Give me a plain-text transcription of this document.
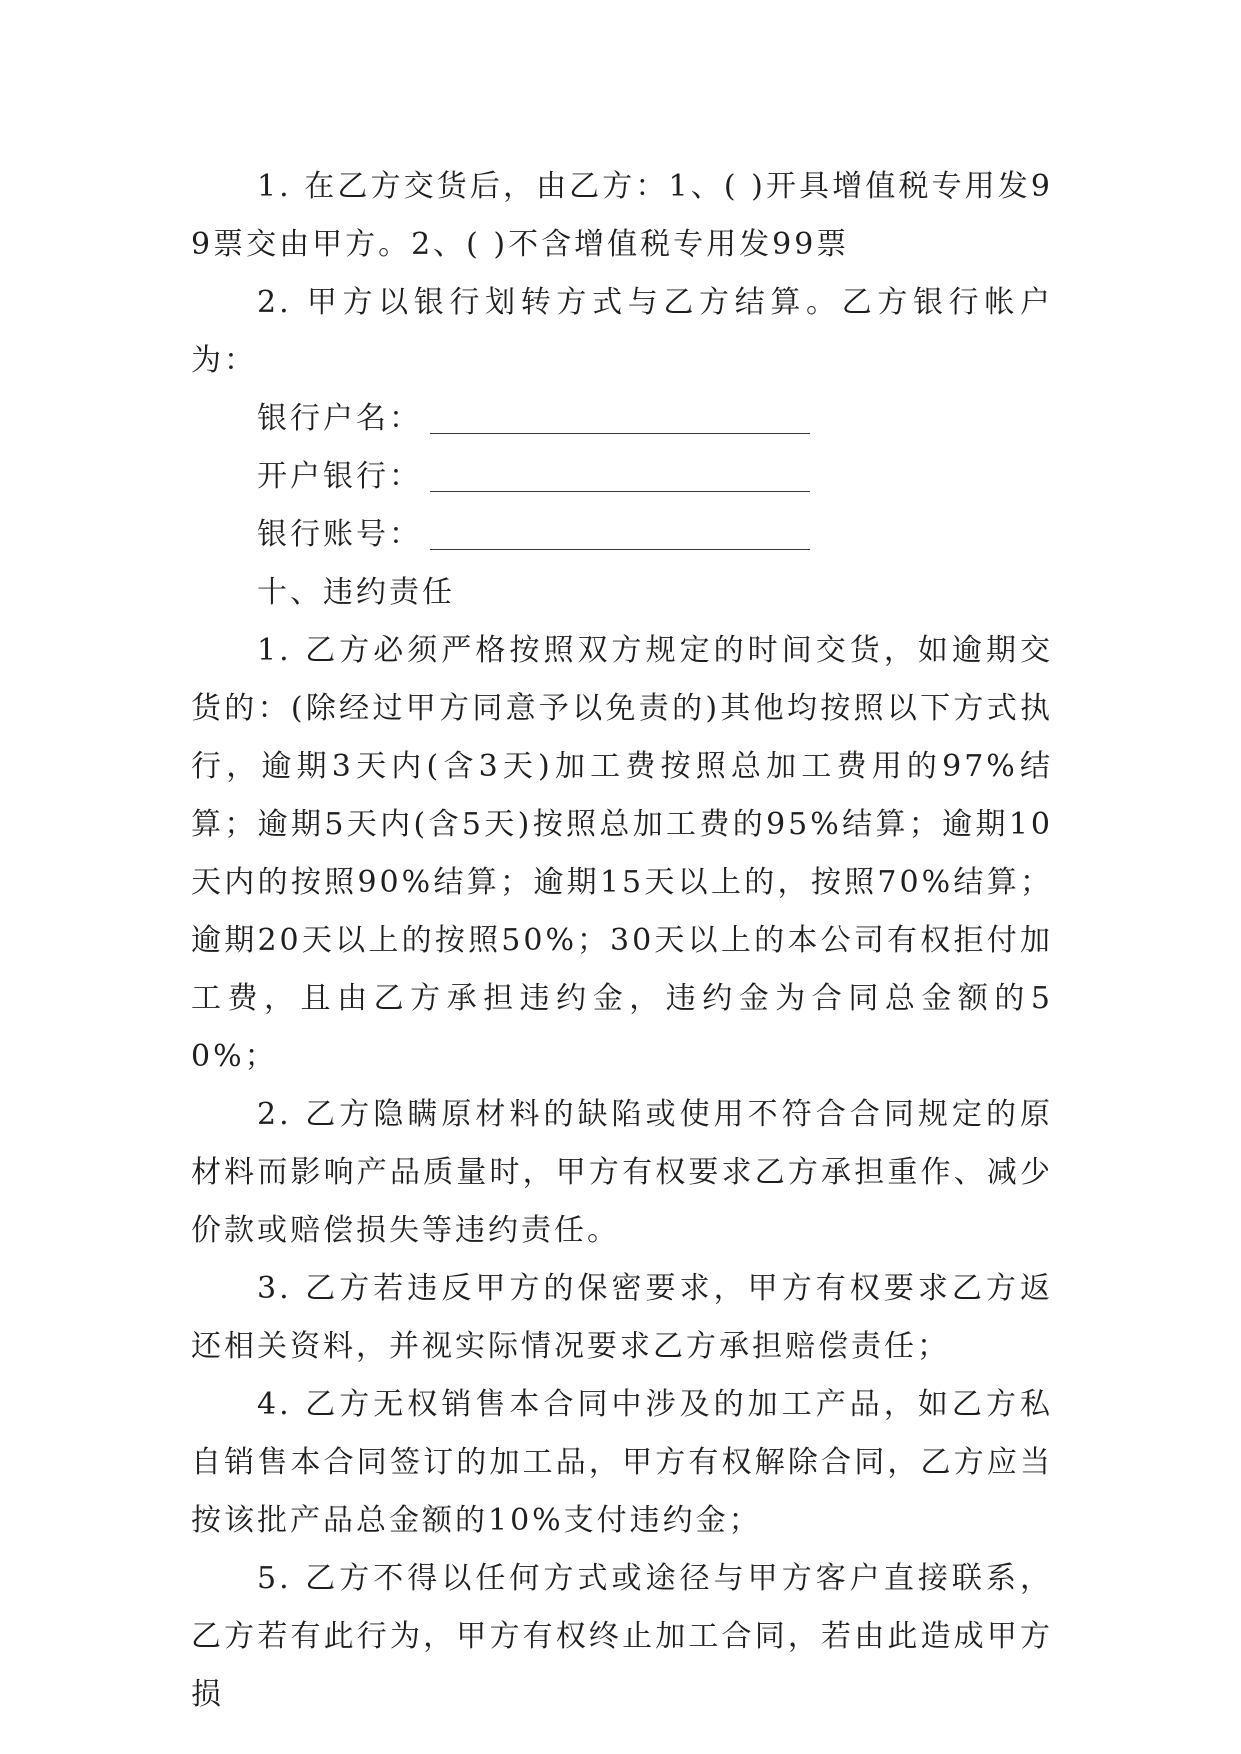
1. 在乙方交货后，由乙方：1、( )开具增值税专用发99票交由甲方。2、( )不含增值税专用发99票

2. 甲方以银行划转方式与乙方结算。乙方银行帐户为：

银行户名：
开户银行：
银行账号：

十、违约责任

1. 乙方必须严格按照双方规定的时间交货，如逾期交货的：(除经过甲方同意予以免责的)其他均按照以下方式执行，逾期3天内(含3天)加工费按照总加工费用的97%结算；逾期5天内(含5天)按照总加工费的95%结算；逾期10天内的按照90%结算；逾期15天以上的，按照70%结算；逾期20天以上的按照50%；30天以上的本公司有权拒付加工费，且由乙方承担违约金，违约金为合同总金额的50%；

2. 乙方隐瞒原材料的缺陷或使用不符合合同规定的原材料而影响产品质量时，甲方有权要求乙方承担重作、减少价款或赔偿损失等违约责任。

3. 乙方若违反甲方的保密要求，甲方有权要求乙方返还相关资料，并视实际情况要求乙方承担赔偿责任；

4. 乙方无权销售本合同中涉及的加工产品，如乙方私自销售本合同签订的加工品，甲方有权解除合同，乙方应当按该批产品总金额的10%支付违约金；

5. 乙方不得以任何方式或途径与甲方客户直接联系，乙方若有此行为，甲方有权终止加工合同，若由此造成甲方损
